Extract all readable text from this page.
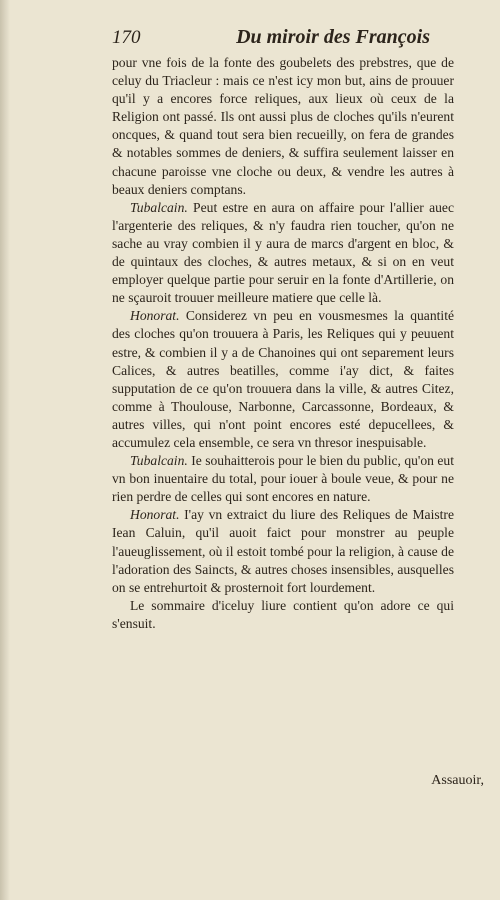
170	Du miroir des François

pour vne fois de la fonte des goubelets des prebstres, que de celuy du Triacleur : mais ce n'est icy mon but, ains de prouuer qu'il y a encores force reliques, aux lieux où ceux de la Religion ont passé. Ils ont aussi plus de cloches qu'ils n'eurent oncques, & quand tout sera bien recueilly, on fera de grandes & notables sommes de deniers, & suffira seulement laisser en chacune paroisse vne cloche ou deux, & vendre les autres à beaux deniers comptans.

Tubalcain. Peut estre en aura on affaire pour l'allier auec l'argenterie des reliques, & n'y faudra rien toucher, qu'on ne sache au vray combien il y aura de marcs d'argent en bloc, & de quintaux des cloches, & autres metaux, & si on en veut employer quelque partie pour seruir en la fonte d'Artillerie, on ne sçauroit trouuer meilleure matiere que celle là.

Honorat. Considerez vn peu en vousmesmes la quantité des cloches qu'on trouuera à Paris, les Reliques qui y peuuent estre, & combien il y a de Chanoines qui ont separement leurs Calices, & autres beatilles, comme i'ay dict, & faites supputation de ce qu'on trouuera dans la ville, & autres Citez, comme à Thoulouse, Narbonne, Carcassonne, Bordeaux, & autres villes, qui n'ont point encores esté depucellees, & accumulez cela ensemble, ce sera vn thresor inespuisable.

Tubalcain. Ie souhaitterois pour le bien du public, qu'on eut vn bon inuentaire du total, pour iouer à boule veue, & pour ne rien perdre de celles qui sont encores en nature.

Honorat. I'ay vn extraict du liure des Reliques de Maistre Iean Caluin, qu'il auoit faict pour monstrer au peuple l'aueuglissement, où il estoit tombé pour la religion, à cause de l'adoration des Saincts, & autres choses insensibles, ausquelles on se entrehurtoit & prosternoit fort lourdement.

Le sommaire d'iceluy liure contient qu'on adore ce qui s'ensuit.

Assauoir,
